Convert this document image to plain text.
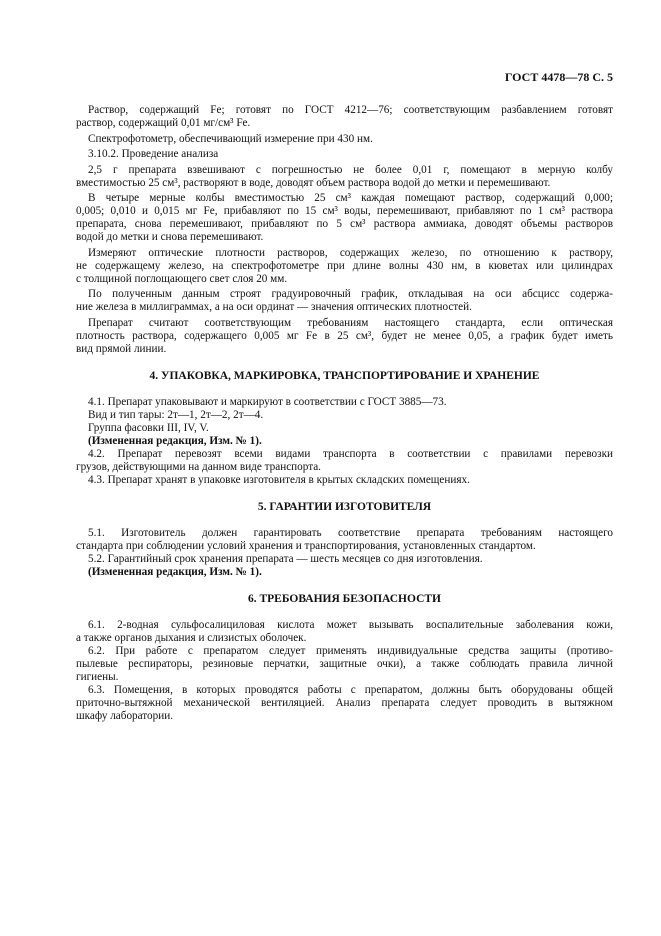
ГОСТ 4478—78 С. 5
Раствор, содержащий Fe; готовят по ГОСТ 4212—76; соответствующим разбавлением готовят
раствор, содержащий 0,01 мг/см³ Fe.
Спектрофотометр, обеспечивающий измерение при 430 нм.
3.10.2. Проведение анализа
2,5 г препарата взвешивают с погрешностью не более 0,01 г, помещают в мерную колбу
вместимостью 25 см³, растворяют в воде, доводят объем раствора водой до метки и перемешивают.
В четыре мерные колбы вместимостью 25 см³ каждая помещают раствор, содержащий 0,000;
0,005; 0,010 и 0,015 мг Fe, прибавляют по 15 см³ воды, перемешивают, прибавляют по 1 см³ раствора
препарата, снова перемешивают, прибавляют по 5 см³ раствора аммиака, доводят объемы растворов
водой до метки и снова перемешивают.
Измеряют оптические плотности растворов, содержащих железо, по отношению к раствору,
не содержащему железо, на спектрофотометре при длине волны 430 нм, в кюветах или цилиндрах
с толщиной поглощающего свет слоя 20 мм.
По полученным данным строят градуировочный график, откладывая на оси абсцисс содержа-
ние железа в миллиграммах, а на оси ординат — значения оптических плотностей.
Препарат считают соответствующим требованиям настоящего стандарта, если оптическая
плотность раствора, содержащего 0,005 мг Fe в 25 см³, будет не менее 0,05, а график будет иметь
вид прямой линии.
4. УПАКОВКА, МАРКИРОВКА, ТРАНСПОРТИРОВАНИЕ И ХРАНЕНИЕ
4.1. Препарат упаковывают и маркируют в соответствии с ГОСТ 3885—73.
Вид и тип тары: 2т—1, 2т—2, 2т—4.
Группа фасовки III, IV, V.
(Измененная редакция, Изм. № 1).
4.2. Препарат перевозят всеми видами транспорта в соответствии с правилами перевозки
грузов, действующими на данном виде транспорта.
4.3. Препарат хранят в упаковке изготовителя в крытых складских помещениях.
5. ГАРАНТИИ ИЗГОТОВИТЕЛЯ
5.1. Изготовитель должен гарантировать соответствие препарата требованиям настоящего
стандарта при соблюдении условий хранения и транспортирования, установленных стандартом.
5.2. Гарантийный срок хранения препарата — шесть месяцев со дня изготовления.
(Измененная редакция, Изм. № 1).
6. ТРЕБОВАНИЯ БЕЗОПАСНОСТИ
6.1. 2-водная сульфосалициловая кислота может вызывать воспалительные заболевания кожи,
а также органов дыхания и слизистых оболочек.
6.2. При работе с препаратом следует применять индивидуальные средства защиты (противо-
пылевые респираторы, резиновые перчатки, защитные очки), а также соблюдать правила личной
гигиены.
6.3. Помещения, в которых проводятся работы с препаратом, должны быть оборудованы общей
приточно-вытяжной механической вентиляцией. Анализ препарата следует проводить в вытяжном
шкафу лаборатории.
